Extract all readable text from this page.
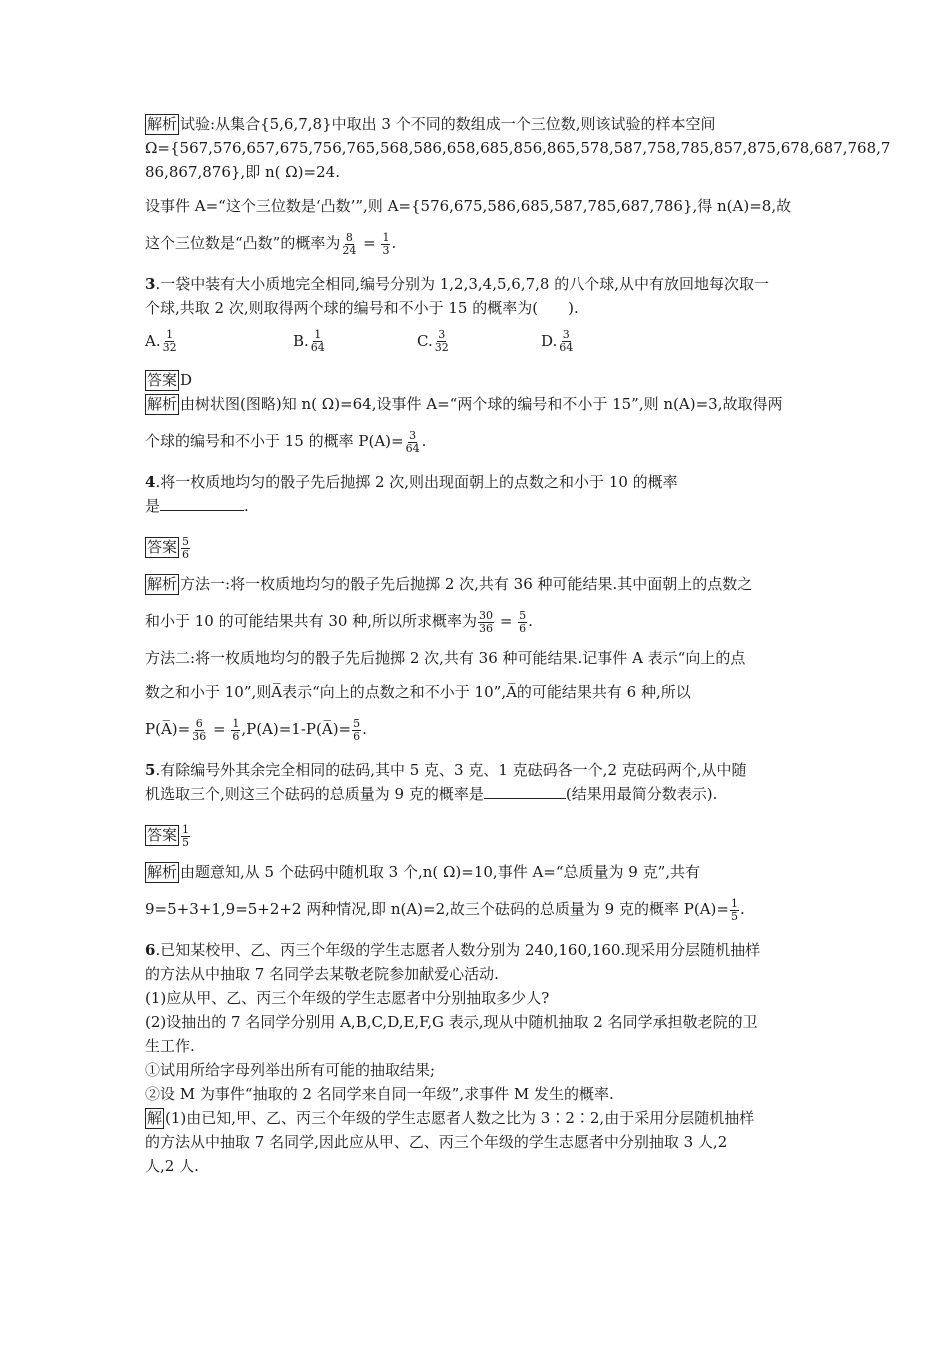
解析 试验:从集合{5,6,7,8}中取出 3 个不同的数组成一个三位数,则该试验的样本空间
Ω={567,576,657,675,756,765,568,586,658,685,856,865,578,587,758,785,857,875,678,687,768,7
86,867,876},即 n( Ω)=24.
设事件 A=“这个三位数是‘凸数’”,则 A={576,675,586,685,587,785,687,786},得 n(A)=8,故
这个三位数是“凸数”的概率为 $\frac{8}{24} = \frac{1}{3}$ .
3.一袋中装有大小质地完全相同,编号分别为 1,2,3,4,5,6,7,8 的八个球,从中有放回地每次取一
个球,共取 2 次,则取得两个球的编号和不小于 15 的概率为(　　).
A. $\frac{1}{32}$	B. $\frac{1}{64}$	C. $\frac{3}{32}$	D. $\frac{3}{64}$
答案 D
解析 由树状图(图略)知 n( Ω)=64,设事件 A=“两个球的编号和不小于 15”,则 n(A)=3,故取得两
个球的编号和不小于 15 的概率 $P(A)= \frac{3}{64}$ .
4.将一枚质地均匀的骰子先后抛掷 2 次,则出现面朝上的点数之和小于 10 的概率
是	.
答案 $\frac{5}{6}$
解析 方法一:将一枚质地均匀的骰子先后抛掷 2 次,共有 36 种可能结果.其中面朝上的点数之
和小于 10 的可能结果共有 30 种,所以所求概率为 $\frac{30}{36} = \frac{5}{6}$ .
方法二:将一枚质地均匀的骰子先后抛掷 2 次,共有 36 种可能结果.记事件 A 表示“向上的点
数之和小于 10”,则A̅表示“向上的点数之和不小于 10”,A̅的可能结果共有 6 种,所以
P(A̅)= $\frac{6}{36} = \frac{1}{6}$ ,P(A)=1-P(A̅)= $\frac{5}{6}$ .
5.有除编号外其余完全相同的砝码,其中 5 克、3 克、1 克砝码各一个,2 克砝码两个,从中随
机选取三个,则这三个砝码的总质量为 9 克的概率是	(结果用最简分数表示).
答案 $\frac{1}{5}$
解析 由题意知,从 5 个砝码中随机取 3 个,n( Ω)=10,事件 A=“总质量为 9 克”,共有
9=5+3+1,9=5+2+2 两种情况,即 n(A)=2,故三个砝码的总质量为 9 克的概率 $P(A)= \frac{1}{5}$ .
6.已知某校甲、乙、丙三个年级的学生志愿者人数分别为 240,160,160.现采用分层随机抽样
的方法从中抽取 7 名同学去某敬老院参加献爱心活动.
(1)应从甲、乙、丙三个年级的学生志愿者中分别抽取多少人?
(2)设抽出的 7 名同学分别用 A,B,C,D,E,F,G 表示,现从中随机抽取 2 名同学承担敬老院的卫
生工作.
①试用所给字母列举出所有可能的抽取结果;
②设 M 为事件“抽取的 2 名同学来自同一年级”,求事件 M 发生的概率.
解 (1)由已知,甲、乙、丙三个年级的学生志愿者人数之比为 3∶2∶2,由于采用分层随机抽样
的方法从中抽取 7 名同学,因此应从甲、乙、丙三个年级的学生志愿者中分别抽取 3 人,2
人,2 人.
